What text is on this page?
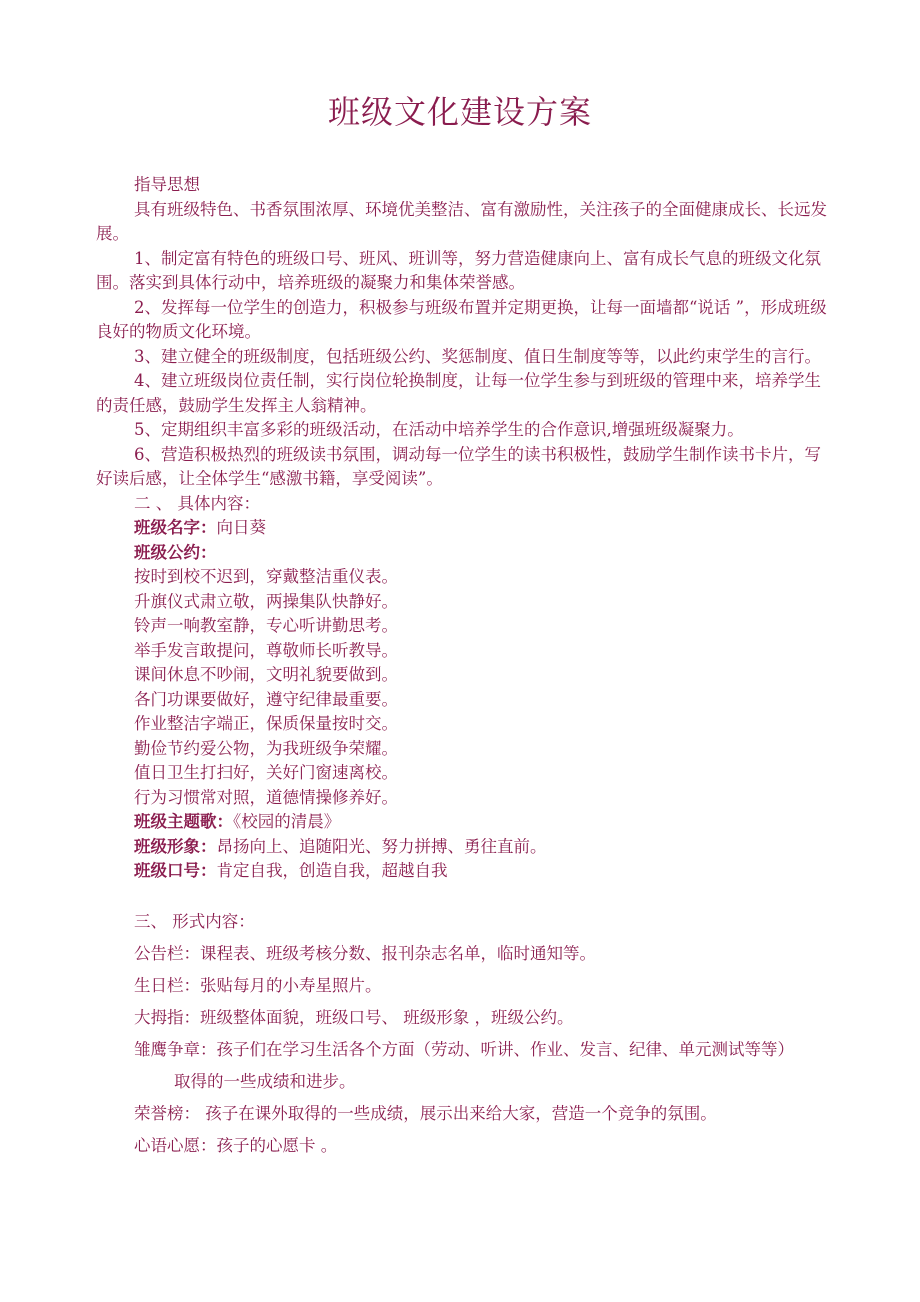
班级文化建设方案

指导思想

具有班级特色、书香氛围浓厚、环境优美整洁、富有激励性，关注孩子的全面健康成长、长远发展。

1、制定富有特色的班级口号、班风、班训等，努力营造健康向上、富有成长气息的班级文化氛围。落实到具体行动中，培养班级的凝聚力和集体荣誉感。

2、发挥每一位学生的创造力，积极参与班级布置并定期更换，让每一面墙都“说话 ”，形成班级良好的物质文化环境。

3、建立健全的班级制度，包括班级公约、奖惩制度、值日生制度等等，以此约束学生的言行。

4、建立班级岗位责任制，实行岗位轮换制度，让每一位学生参与到班级的管理中来，培养学生的责任感，鼓励学生发挥主人翁精神。

5、定期组织丰富多彩的班级活动，在活动中培养学生的合作意识,增强班级凝聚力。

6、营造积极热烈的班级读书氛围，调动每一位学生的读书积极性，鼓励学生制作读书卡片，写好读后感，让全体学生“感激书籍，享受阅读”。

二 、 具体内容：

班级名字：向日葵

班级公约：

按时到校不迟到，穿戴整洁重仪表。

升旗仪式肃立敬，两操集队快静好。

铃声一响教室静，专心听讲勤思考。

举手发言敢提问，尊敬师长听教导。

课间休息不吵闹，文明礼貌要做到。

各门功课要做好，遵守纪律最重要。

作业整洁字端正，保质保量按时交。

勤俭节约爱公物，为我班级争荣耀。

值日卫生打扫好，关好门窗速离校。

行为习惯常对照，道德情操修养好。

班级主题歌：《校园的清晨》

班级形象：昂扬向上、追随阳光、努力拼搏、勇往直前。

班级口号：肯定自我，创造自我，超越自我

三、 形式内容：

公告栏：课程表、班级考核分数、报刊杂志名单，临时通知等。

生日栏：张贴每月的小寿星照片。

大拇指：班级整体面貌，班级口号、 班级形象 ，班级公约。

雏鹰争章：孩子们在学习生活各个方面（劳动、听讲、作业、发言、纪律、单元测试等等）取得的一些成绩和进步。

荣誉榜： 孩子在课外取得的一些成绩，展示出来给大家，营造一个竞争的氛围。

心语心愿：孩子的心愿卡 。
